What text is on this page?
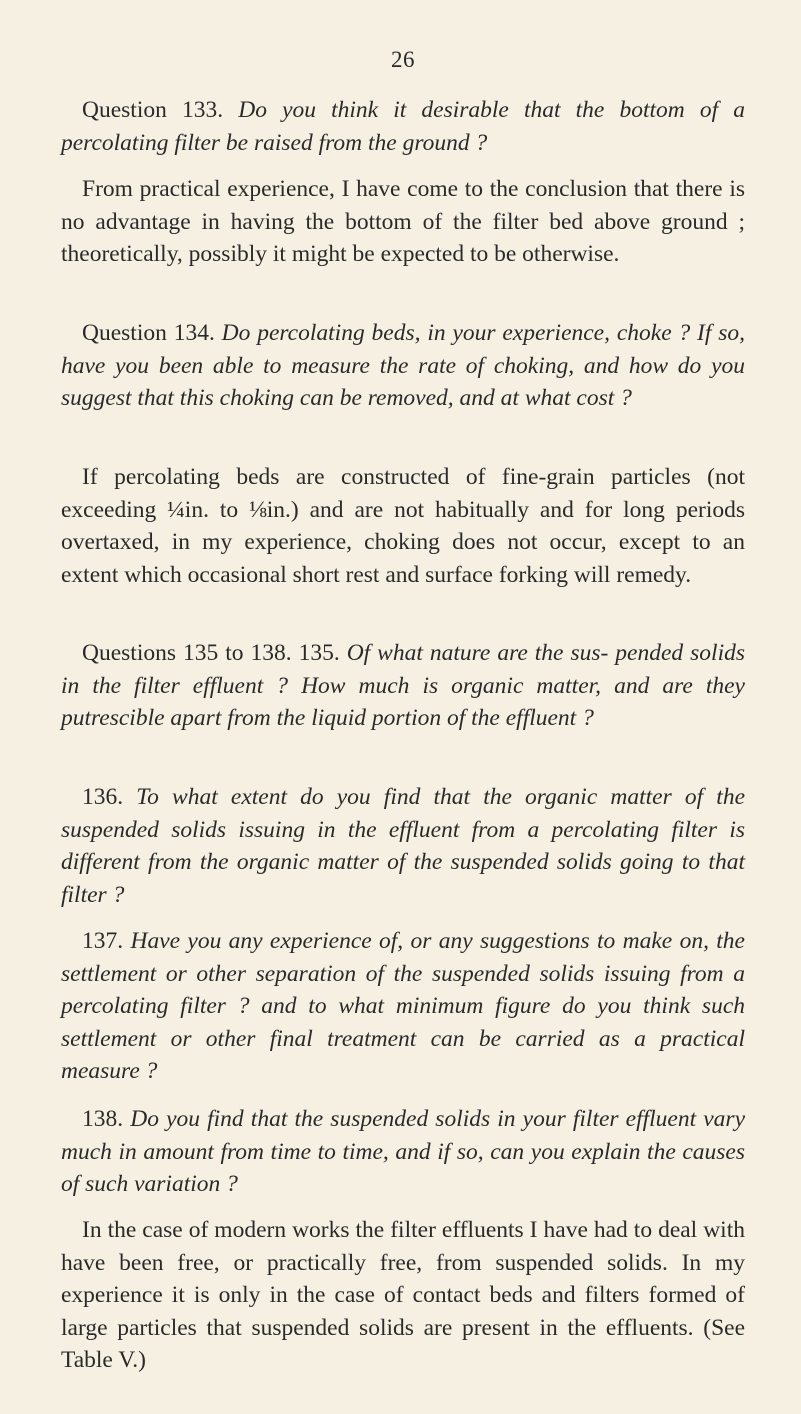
26

Question 133. Do you think it desirable that the bottom of a percolating filter be raised from the ground ?

From practical experience, I have come to the conclusion that there is no advantage in having the bottom of the filter bed above ground ; theoretically, possibly it might be expected to be otherwise.

Question 134. Do percolating beds, in your experience, choke ? If so, have you been able to measure the rate of choking, and how do you suggest that this choking can be removed, and at what cost ?

If percolating beds are constructed of fine-grain particles (not exceeding ¼in. to ⅛in.) and are not habitually and for long periods overtaxed, in my experience, choking does not occur, except to an extent which occasional short rest and surface forking will remedy.

Questions 135 to 138. 135. Of what nature are the sus- pended solids in the filter effluent ? How much is organic matter, and are they putrescible apart from the liquid portion of the effluent ?

136. To what extent do you find that the organic matter of the suspended solids issuing in the effluent from a percolating filter is different from the organic matter of the suspended solids going to that filter ?

137. Have you any experience of, or any suggestions to make on, the settlement or other separation of the suspended solids issuing from a percolating filter ? and to what minimum figure do you think such settlement or other final treatment can be carried as a practical measure ?

138. Do you find that the suspended solids in your filter effluent vary much in amount from time to time, and if so, can you explain the causes of such variation ?

In the case of modern works the filter effluents I have had to deal with have been free, or practically free, from suspended solids. In my experience it is only in the case of contact beds and filters formed of large particles that suspended solids are present in the effluents. (See Table V.)
